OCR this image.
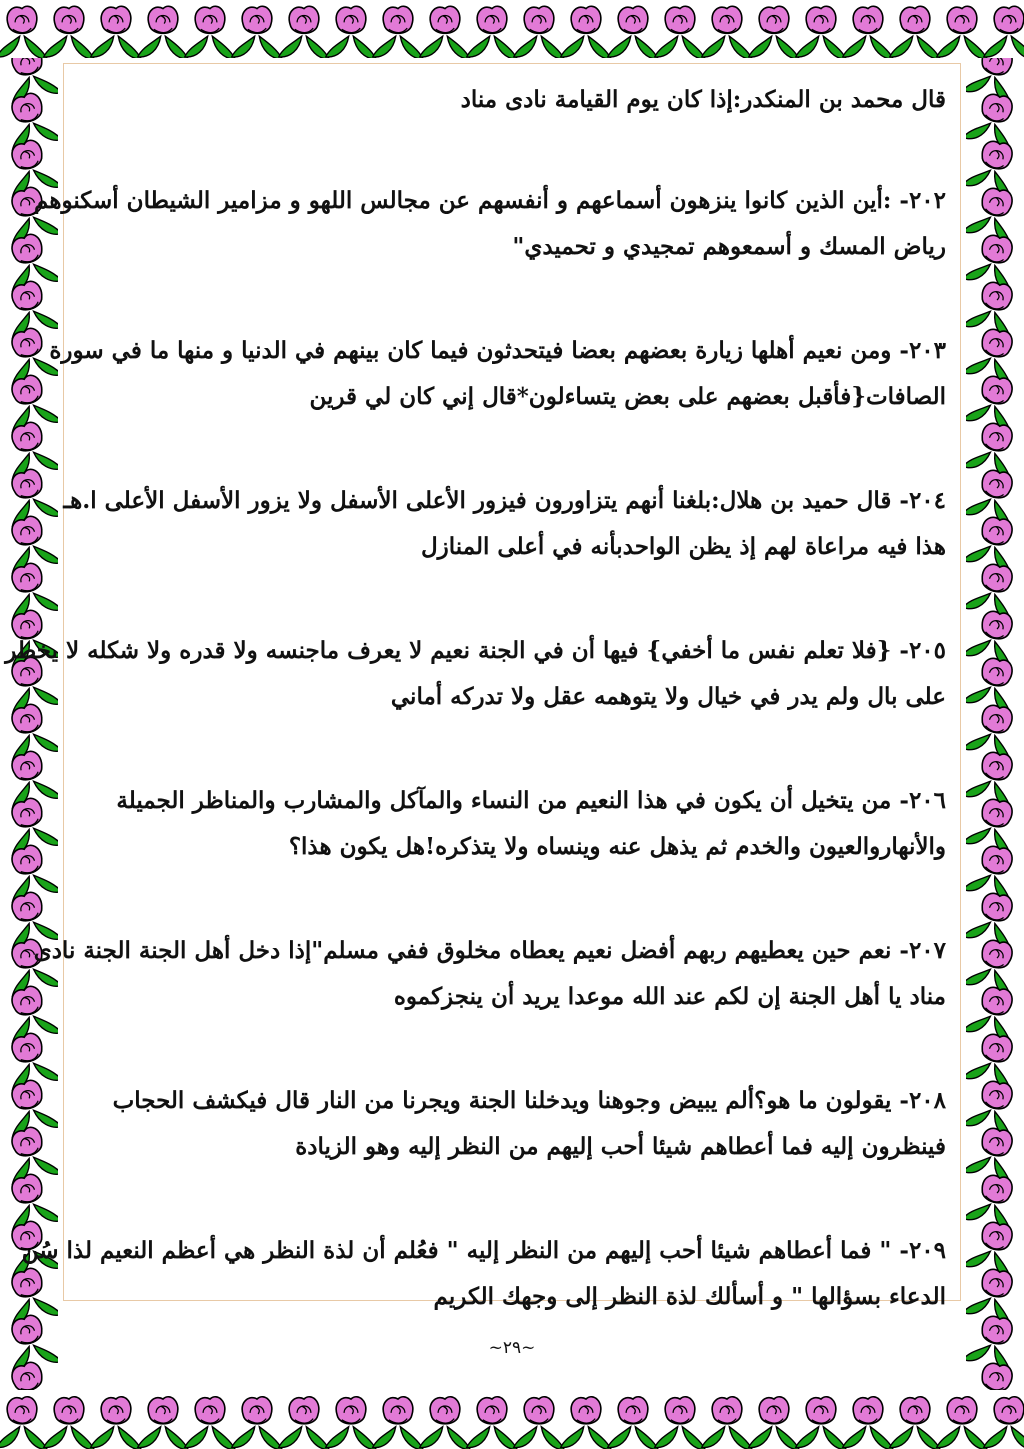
قال محمد بن المنكدر:إذا كان يوم القيامة نادى مناد

٢٠٢- :أين الذين كانوا ينزهون أسماعهم و أنفسهم عن مجالس اللهو و مزامير الشيطان أسكنوهم
رياض المسك و أسمعوهم تمجيدي و تحميدي"

٢٠٣- ومن نعيم أهلها زيارة بعضهم بعضا فيتحدثون فيما كان بينهم في الدنيا و منها ما في سورة
الصافات{فأقبل بعضهم على بعض يتساءلون*قال إني كان لي قرين

٢٠٤- قال حميد بن هلال:بلغنا أنهم يتزاورون فيزور الأعلى الأسفل ولا يزور الأسفل الأعلى ا.هـ
هذا فيه مراعاة لهم إذ يظن الواحدبأنه في أعلى المنازل

٢٠٥- {فلا تعلم نفس ما أخفي} فيها أن في الجنة نعيم لا يعرف ماجنسه ولا قدره ولا شكله لا يخطر
على بال ولم يدر في خيال ولا يتوهمه عقل ولا تدركه أماني

٢٠٦- من يتخيل أن يكون في هذا النعيم من النساء والمآكل والمشارب والمناظر الجميلة
والأنهاروالعيون والخدم ثم يذهل عنه وينساه ولا يتذكره!هل يكون هذا؟

٢٠٧- نعم حين يعطيهم ربهم أفضل نعيم يعطاه مخلوق ففي مسلم"إذا دخل أهل الجنة الجنة نادى
مناد يا أهل الجنة إن لكم عند الله موعدا يريد أن ينجزكموه

٢٠٨- يقولون ما هو؟ألم يبيض وجوهنا ويدخلنا الجنة ويجرنا من النار قال فيكشف الحجاب
فينظرون إليه فما أعطاهم شيئا أحب إليهم من النظر إليه وهو الزيادة

٢٠٩- " فما أعطاهم شيئا أحب إليهم من النظر إليه " فعُلم أن لذة النظر هي أعظم النعيم لذا سُن
الدعاء بسؤالها " و أسألك لذة النظر إلى وجهك الكريم

~٢٩~
